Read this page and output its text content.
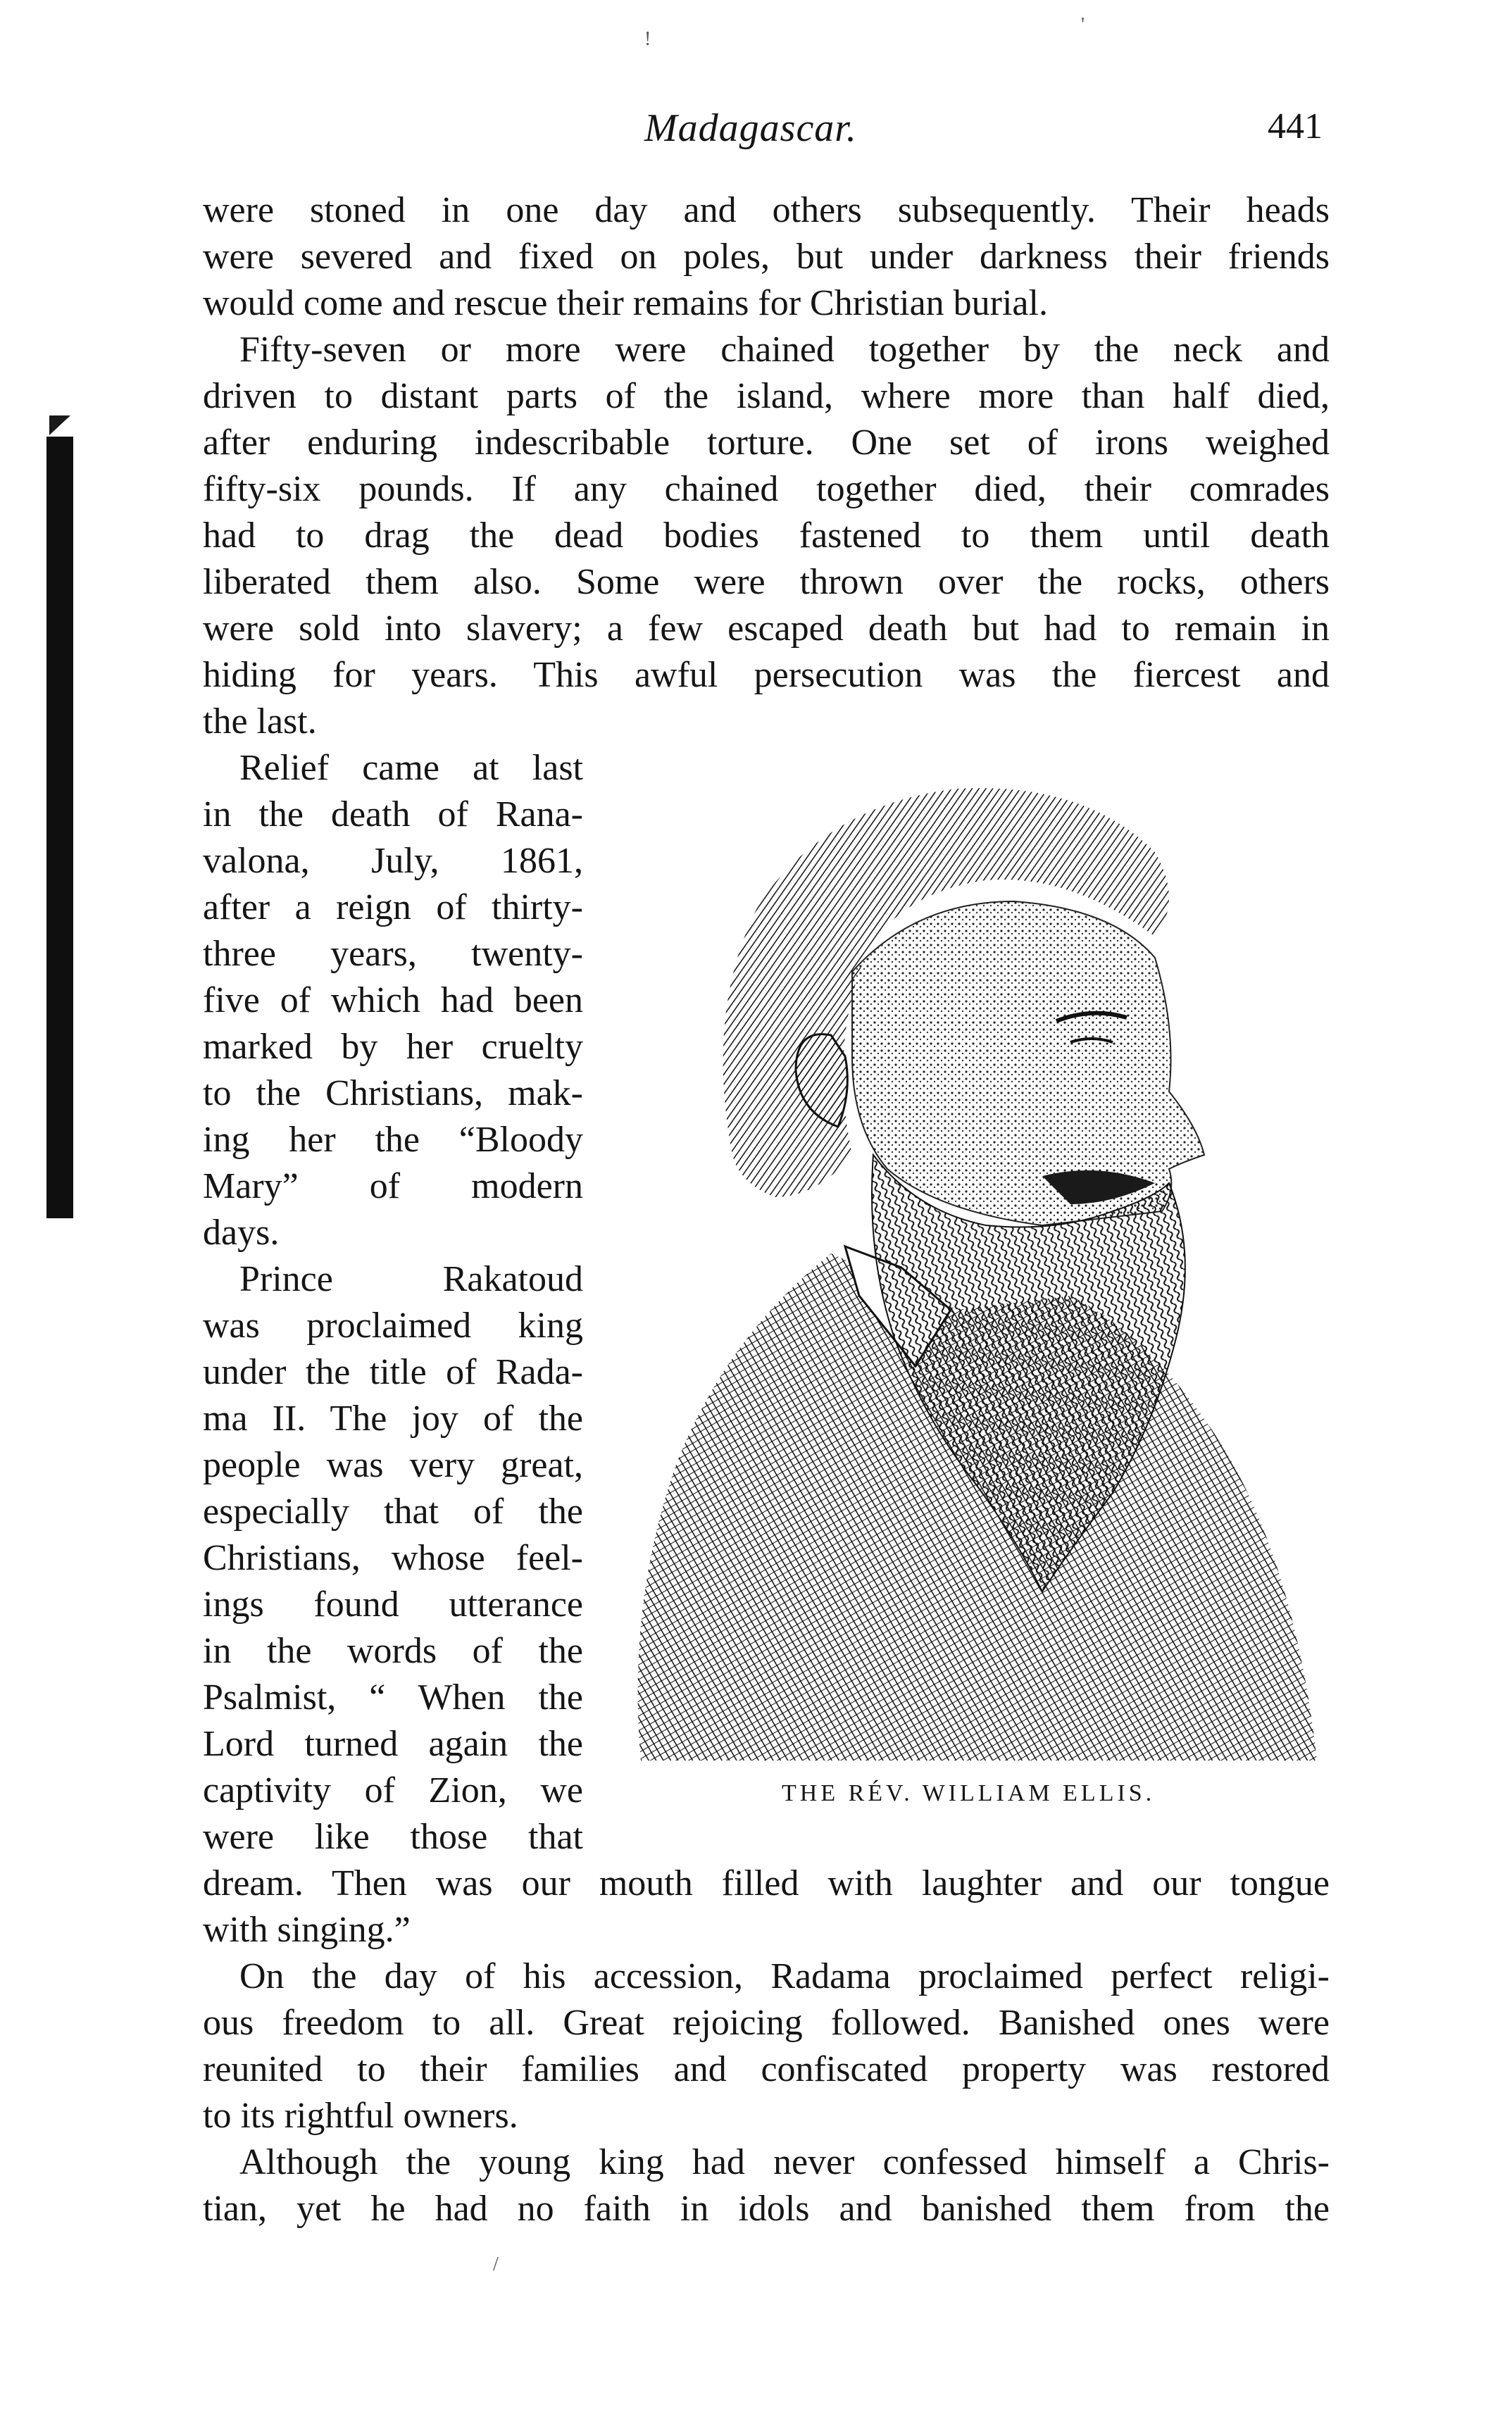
!
'
/
Madagascar.	441

were stoned in one day and others subsequently. Their heads

were severed and fixed on poles, but under darkness their friends

would come and rescue their remains for Christian burial.

Fifty-seven or more were chained together by the neck and

driven to distant parts of the island, where more than half died,

after enduring indescribable torture. One set of irons weighed

fifty-six pounds. If any chained together died, their comrades

had to drag the dead bodies fastened to them until death

liberated them also. Some were thrown over the rocks, others

were sold into slavery; a few escaped death but had to remain in

hiding for years. This awful persecution was the fiercest and

the last.

Relief came at last

in the death of Rana-

valona, July, 1861,

after a reign of thirty-

three years, twenty-

five of which had been

marked by her cruelty

to the Christians, mak-

ing her the “Bloody

Mary” of modern

days.

Prince Rakatoud

was proclaimed king

under the title of Rada-

ma II. The joy of the

people was very great,

especially that of the

Christians, whose feel-

ings found utterance

in the words of the

Psalmist, “ When the

Lord turned again the

captivity of Zion, we

were like those that

dream. Then was our mouth filled with laughter and our tongue

with singing.”

On the day of his accession, Radama proclaimed perfect religi-

ous freedom to all. Great rejoicing followed. Banished ones were

reunited to their families and confiscated property was restored

to its rightful owners.

Although the young king had never confessed himself a Chris-

tian, yet he had no faith in idols and banished them from the

THE RÉV. WILLIAM ELLIS.
